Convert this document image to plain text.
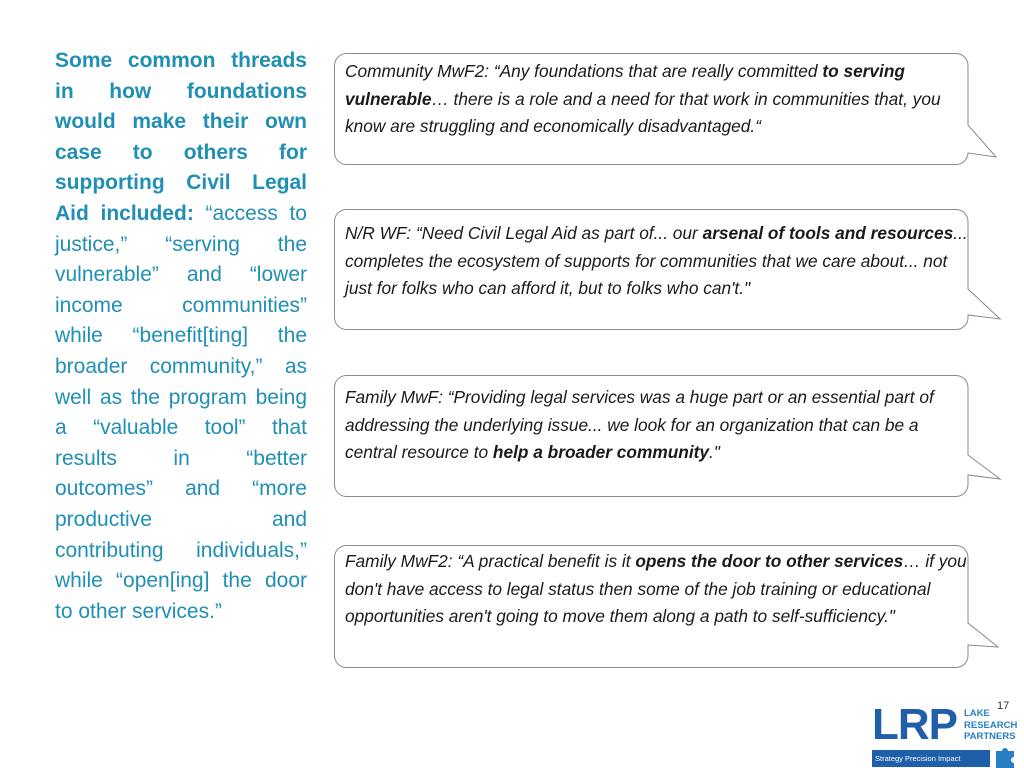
Some common threads in how foundations would make their own case to others for supporting Civil Legal Aid included: “access to justice,” “serving the vulnerable” and “lower income communities” while “benefit[ting] the broader community,” as well as the program being a “valuable tool” that results in “better outcomes” and “more productive and contributing individuals,” while “open[ing] the door to other services.”
Community MwF2: “Any foundations that are really committed to serving vulnerable… there is a role and a need for that work in communities that, you know are struggling and economically disadvantaged.“
N/R WF: “Need Civil Legal Aid as part of... our arsenal of tools and resources... completes the ecosystem of supports for communities that we care about... not just for folks who can afford it, but to folks who can't."
Family MwF: “Providing legal services was a huge part or an essential part of addressing the underlying issue... we look for an organization that can be a central resource to help a broader community."
Family MwF2: “A practical benefit is it opens the door to other services… if you don't have access to legal status then some of the job training or educational opportunities aren't going to move them along a path to self-sufficiency."
17
LRP LAKE
RESEARCH
PARTNERS
Strategy Precision Impact
